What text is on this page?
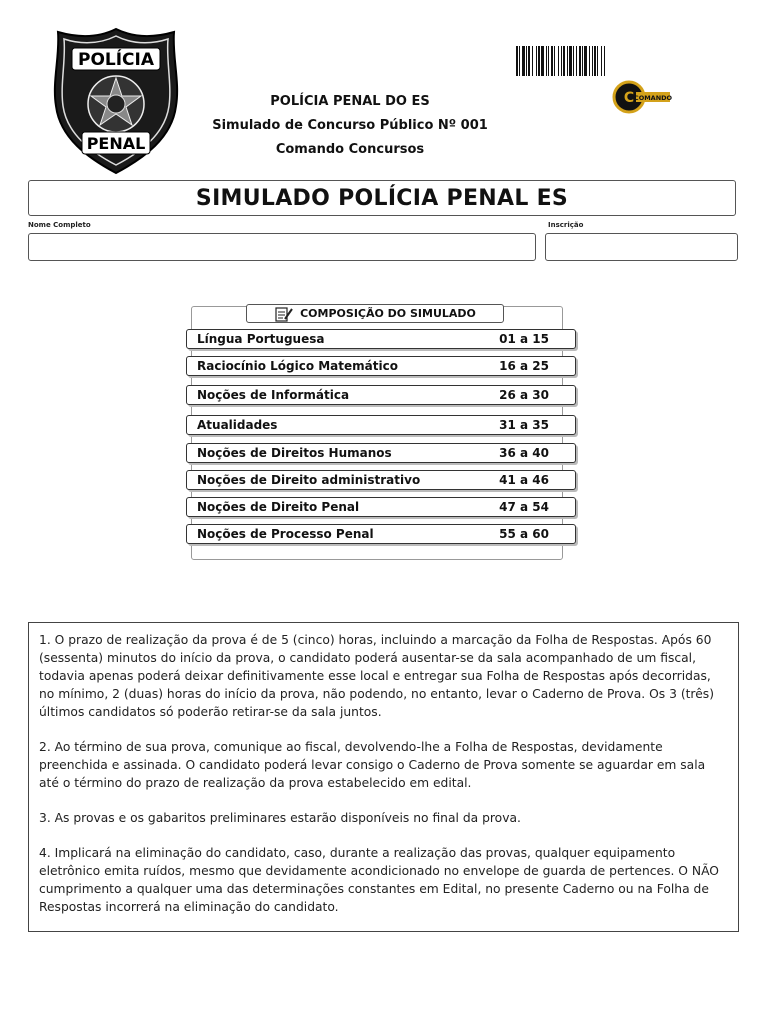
POLÍCIA
PENAL
POLÍCIA PENAL DO ES
Simulado de Concurso Público Nº 001
Comando Concursos
C COMANDO
SIMULADO POLÍCIA PENAL ES
Nome Completo	Inscrição
COMPOSIÇÃO DO SIMULADO
Língua Portuguesa	01 a 15
Raciocínio Lógico Matemático	16 a 25
Noções de Informática	26 a 30
Atualidades	31 a 35
Noções de Direitos Humanos	36 a 40
Noções de Direito administrativo	41 a 46
Noções de Direito Penal	47 a 54
Noções de Processo Penal	55 a 60

1. O prazo de realização da prova é de 5 (cinco) horas, incluindo a marcação da Folha de Respostas. Após 60 (sessenta) minutos do início da prova, o candidato poderá ausentar-se da sala acompanhado de um fiscal, todavia apenas poderá deixar definitivamente esse local e entregar sua Folha de Respostas após decorridas, no mínimo, 2 (duas) horas do início da prova, não podendo, no entanto, levar o Caderno de Prova. Os 3 (três) últimos candidatos só poderão retirar-se da sala juntos.

2. Ao término de sua prova, comunique ao fiscal, devolvendo-lhe a Folha de Respostas, devidamente preenchida e assinada. O candidato poderá levar consigo o Caderno de Prova somente se aguardar em sala até o término do prazo de realização da prova estabelecido em edital.

3. As provas e os gabaritos preliminares estarão disponíveis no final da prova.

4. Implicará na eliminação do candidato, caso, durante a realização das provas, qualquer equipamento eletrônico emita ruídos, mesmo que devidamente acondicionado no envelope de guarda de pertences. O NÃO cumprimento a qualquer uma das determinações constantes em Edital, no presente Caderno ou na Folha de Respostas incorrerá na eliminação do candidato.
